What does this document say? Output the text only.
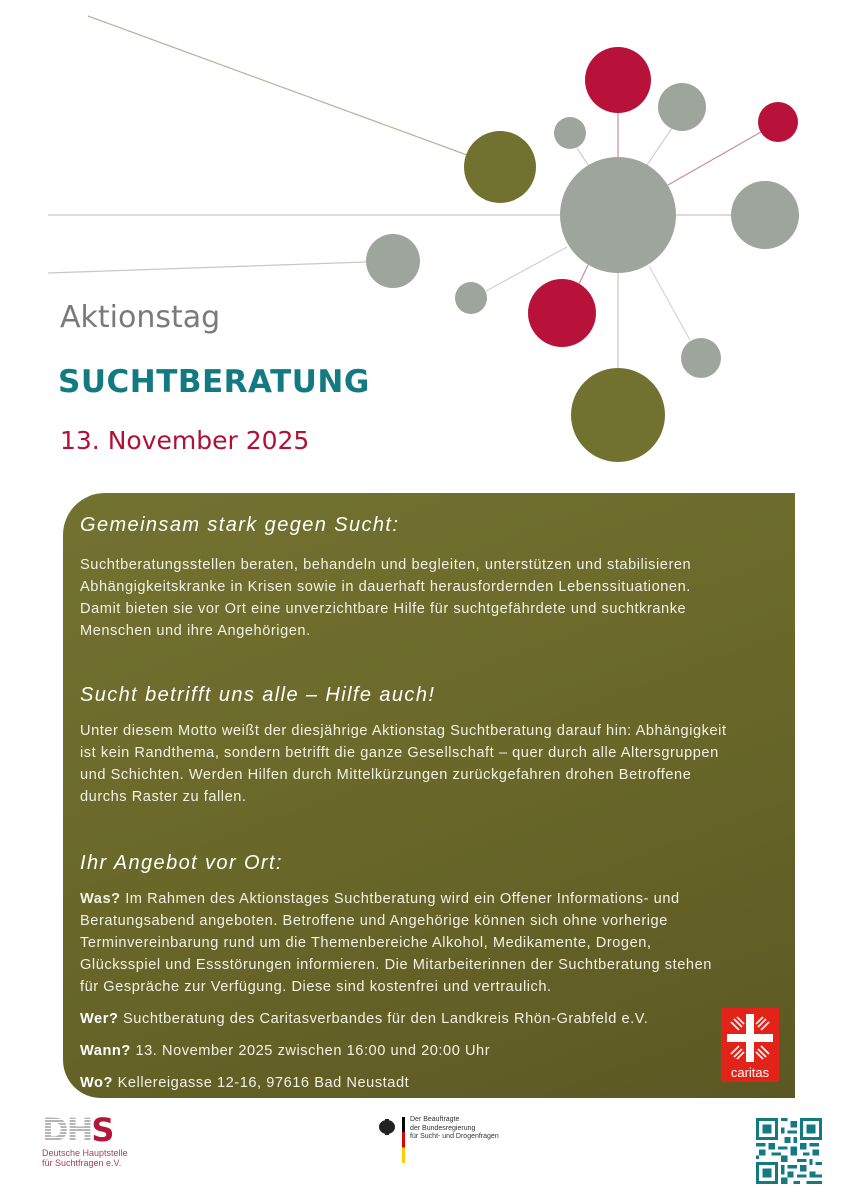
Aktionstag
SUCHTBERATUNG
13. November 2025
Gemeinsam stark gegen Sucht:
Suchtberatungsstellen beraten, behandeln und begleiten, unterstützen und stabilisieren
Abhängigkeitskranke in Krisen sowie in dauerhaft herausfordernden Lebenssituationen.
Damit bieten sie vor Ort eine unverzichtbare Hilfe für suchtgefährdete und suchtkranke
Menschen und ihre Angehörigen.
Sucht betrifft uns alle – Hilfe auch!
Unter diesem Motto weißt der diesjährige Aktionstag Suchtberatung darauf hin: Abhängigkeit
ist kein Randthema, sondern betrifft die ganze Gesellschaft – quer durch alle Altersgruppen
und Schichten. Werden Hilfen durch Mittelkürzungen zurückgefahren drohen Betroffene
durchs Raster zu fallen.
Ihr Angebot vor Ort:
Was? Im Rahmen des Aktionstages Suchtberatung wird ein Offener Informations- und
Beratungsabend angeboten. Betroffene und Angehörige können sich ohne vorherige
Terminvereinbarung rund um die Themenbereiche Alkohol, Medikamente, Drogen,
Glücksspiel und Essstörungen informieren. Die Mitarbeiterinnen der Suchtberatung stehen
für Gespräche zur Verfügung. Diese sind kostenfrei und vertraulich.
Wer? Suchtberatung des Caritasverbandes für den Landkreis Rhön-Grabfeld e.V.
Wann? 13. November 2025 zwischen 16:00 und 20:00 Uhr
Wo? Kellereigasse 12-16, 97616 Bad Neustadt
caritas
DHS
Deutsche Hauptstelle
für Suchtfragen e.V.
Der Beauftragte
der Bundesregierung
für Sucht- und Drogenfragen
